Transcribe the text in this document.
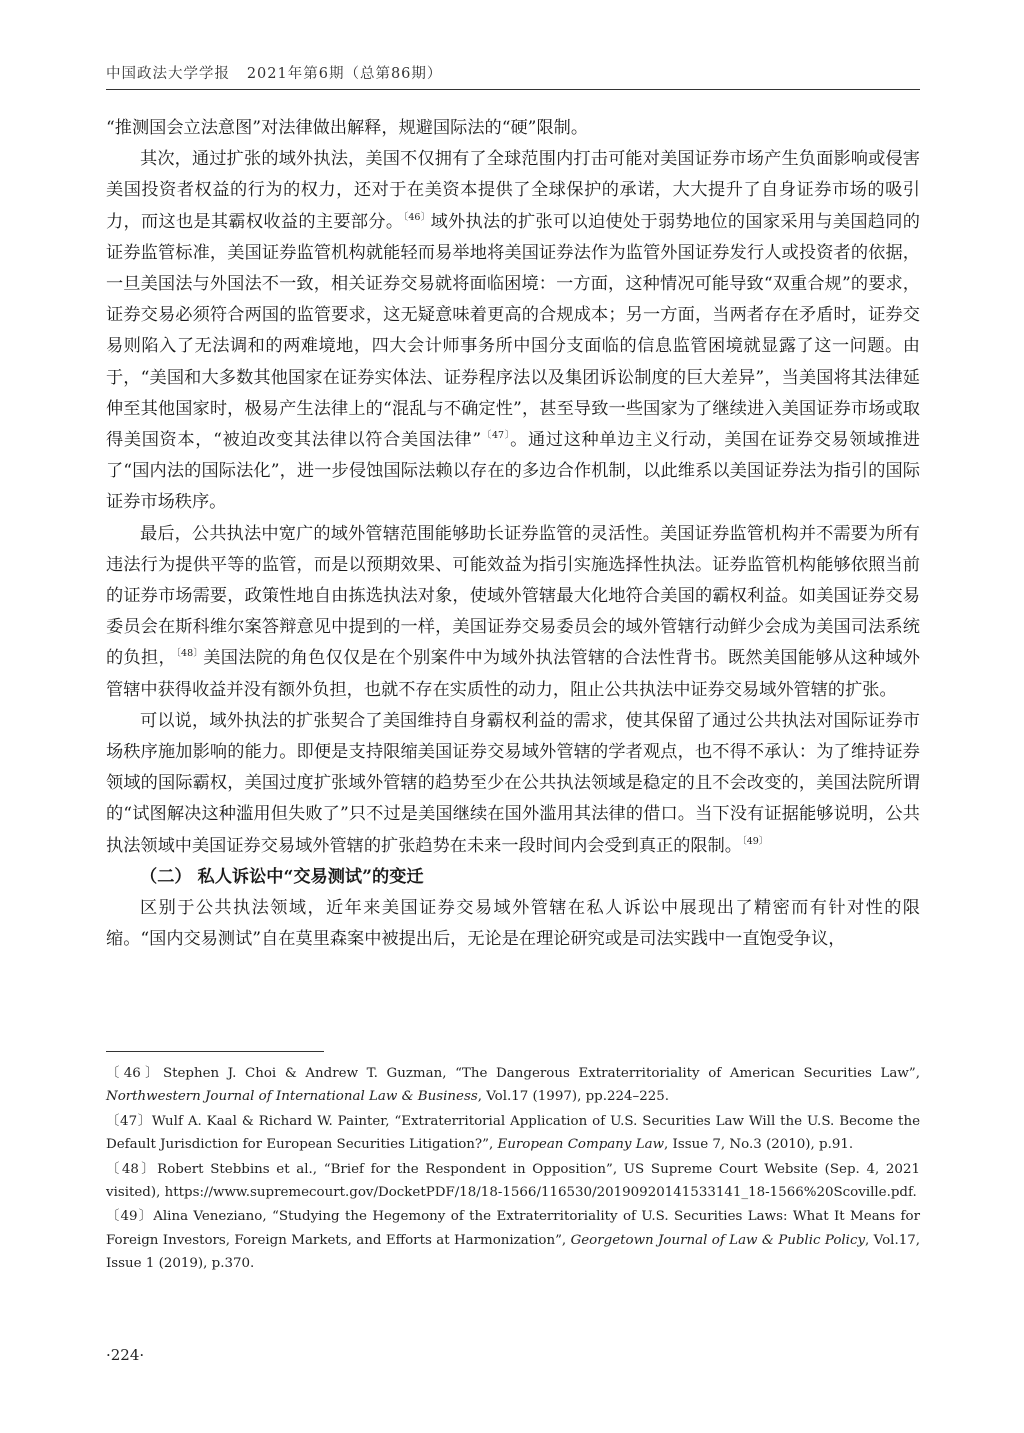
中国政法大学学报 2021年第6期（总第86期）

“推测国会立法意图”对法律做出解释，规避国际法的“硬”限制。

其次，通过扩张的域外执法，美国不仅拥有了全球范围内打击可能对美国证券市场产生负面影响或侵害美国投资者权益的行为的权力，还对于在美资本提供了全球保护的承诺，大大提升了自身证券市场的吸引力，而这也是其霸权收益的主要部分。$^{〔46〕}$域外执法的扩张可以迫使处于弱势地位的国家采用与美国趋同的证券监管标准，美国证券监管机构就能轻而易举地将美国证券法作为监管外国证券发行人或投资者的依据，一旦美国法与外国法不一致，相关证券交易就将面临困境：一方面，这种情况可能导致“双重合规”的要求，证券交易必须符合两国的监管要求，这无疑意味着更高的合规成本；另一方面，当两者存在矛盾时，证券交易则陷入了无法调和的两难境地，四大会计师事务所中国分支面临的信息监管困境就显露了这一问题。由于，“美国和大多数其他国家在证券实体法、证券程序法以及集团诉讼制度的巨大差异”，当美国将其法律延伸至其他国家时，极易产生法律上的“混乱与不确定性”，甚至导致一些国家为了继续进入美国证券市场或取得美国资本，“被迫改变其法律以符合美国法律”$^{〔47〕}$。通过这种单边主义行动，美国在证券交易领域推进了“国内法的国际法化”，进一步侵蚀国际法赖以存在的多边合作机制，以此维系以美国证券法为指引的国际证券市场秩序。

最后，公共执法中宽广的域外管辖范围能够助长证券监管的灵活性。美国证券监管机构并不需要为所有违法行为提供平等的监管，而是以预期效果、可能效益为指引实施选择性执法。证券监管机构能够依照当前的证券市场需要，政策性地自由拣选执法对象，使域外管辖最大化地符合美国的霸权利益。如美国证券交易委员会在斯科维尔案答辩意见中提到的一样，美国证券交易委员会的域外管辖行动鲜少会成为美国司法系统的负担，$^{〔48〕}$美国法院的角色仅仅是在个别案件中为域外执法管辖的合法性背书。既然美国能够从这种域外管辖中获得收益并没有额外负担，也就不存在实质性的动力，阻止公共执法中证券交易域外管辖的扩张。

可以说，域外执法的扩张契合了美国维持自身霸权利益的需求，使其保留了通过公共执法对国际证券市场秩序施加影响的能力。即便是支持限缩美国证券交易域外管辖的学者观点，也不得不承认：为了维持证券领域的国际霸权，美国过度扩张域外管辖的趋势至少在公共执法领域是稳定的且不会改变的，美国法院所谓的“试图解决这种滥用但失败了”只不过是美国继续在国外滥用其法律的借口。当下没有证据能够说明，公共执法领域中美国证券交易域外管辖的扩张趋势在未来一段时间内会受到真正的限制。$^{〔49〕}$

（二） 私人诉讼中“交易测试”的变迁

区别于公共执法领域，近年来美国证券交易域外管辖在私人诉讼中展现出了精密而有针对性的限缩。“国内交易测试”自在莫里森案中被提出后，无论是在理论研究或是司法实践中一直饱受争议，

〔46〕Stephen J. Choi & Andrew T. Guzman, “The Dangerous Extraterritoriality of American Securities Law”, Northwestern Journal of International Law & Business, Vol.17 (1997), pp.224–225.
〔47〕Wulf A. Kaal & Richard W. Painter, “Extraterritorial Application of U.S. Securities Law Will the U.S. Become the Default Jurisdiction for European Securities Litigation?”, European Company Law, Issue 7, No.3 (2010), p.91.
〔48〕Robert Stebbins et al., “Brief for the Respondent in Opposition”, US Supreme Court Website (Sep. 4, 2021 visited), https://www.supremecourt.gov/DocketPDF/18/18-1566/116530/20190920141533141_18-1566%20Scoville.pdf.
〔49〕Alina Veneziano, “Studying the Hegemony of the Extraterritoriality of U.S. Securities Laws: What It Means for Foreign Investors, Foreign Markets, and Efforts at Harmonization”, Georgetown Journal of Law & Public Policy, Vol.17, Issue 1 (2019), p.370.
·224·
